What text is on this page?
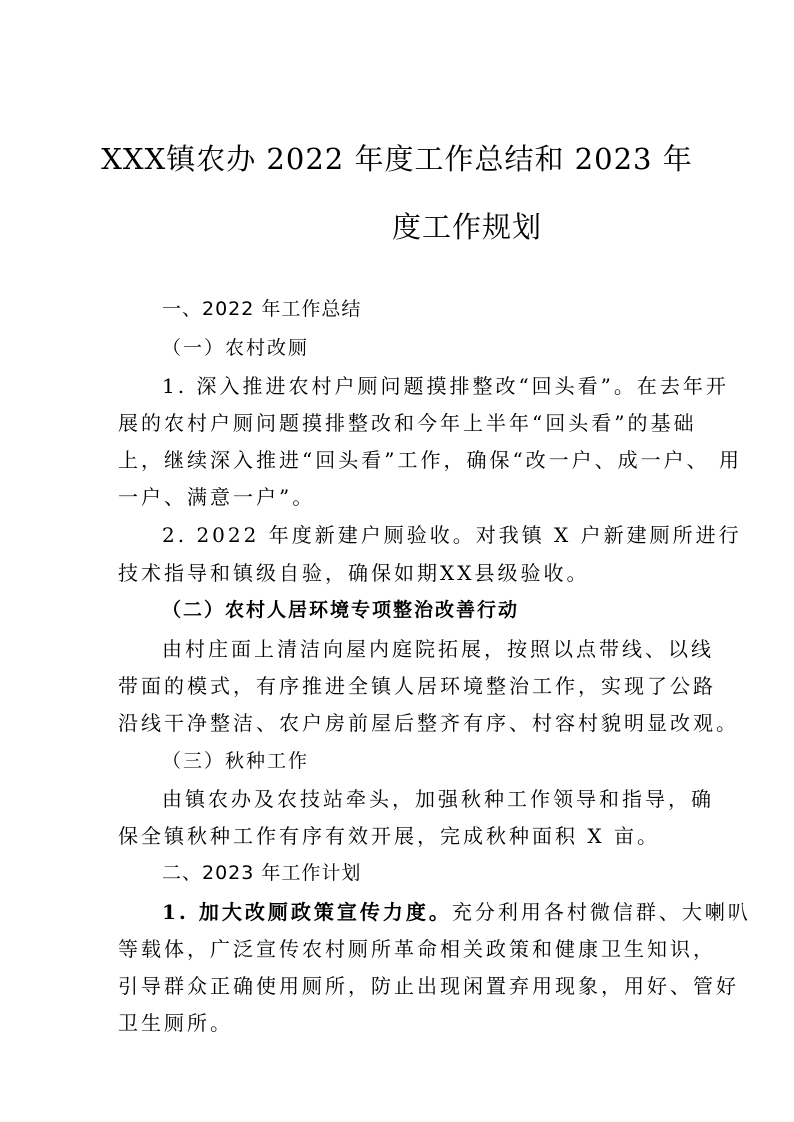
XXX镇农办 2022 年度工作总结和 2023 年
度工作规划
一、2022 年工作总结
（一）农村改厕
1. 深入推进农村户厕问题摸排整改“回头看”。在去年开
展的农村户厕问题摸排整改和今年上半年“回头看”的基础
上，继续深入推进“回头看”工作，确保“改一户、成一户、 用
一户、满意一户”。
2. 2022 年度新建户厕验收。对我镇 X 户新建厕所进行
技术指导和镇级自验，确保如期XX县级验收。
（二）农村人居环境专项整治改善行动
由村庄面上清洁向屋内庭院拓展，按照以点带线、以线
带面的模式，有序推进全镇人居环境整治工作，实现了公路
沿线干净整洁、农户房前屋后整齐有序、村容村貌明显改观。
（三）秋种工作
由镇农办及农技站牵头，加强秋种工作领导和指导，确
保全镇秋种工作有序有效开展，完成秋种面积 X 亩。
二、2023 年工作计划
1. 加大改厕政策宣传力度。充分利用各村微信群、大喇叭
等载体，广泛宣传农村厕所革命相关政策和健康卫生知识，
引导群众正确使用厕所，防止出现闲置弃用现象，用好、管好
卫生厕所。
